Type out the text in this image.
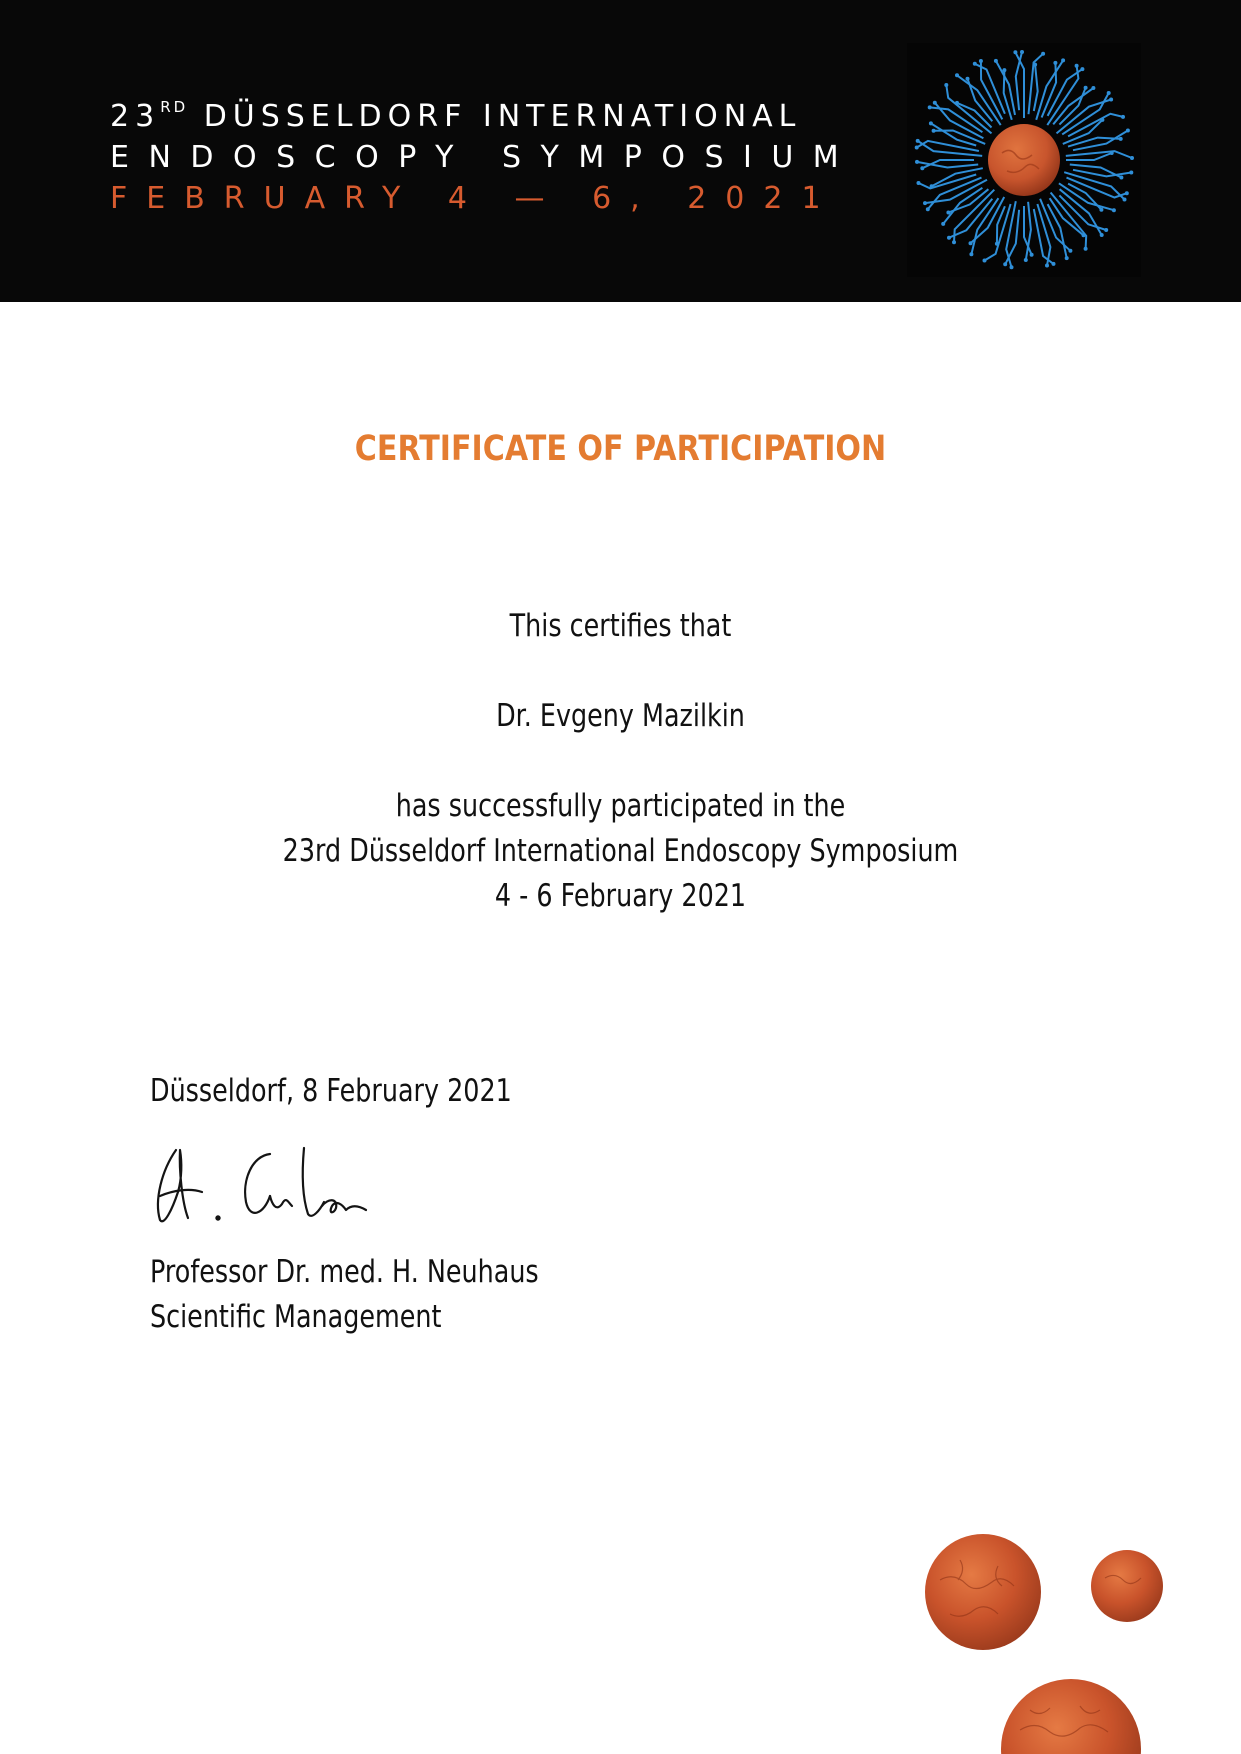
23RD DÜSSELDORF INTERNATIONAL
ENDOSCOPY SYMPOSIUM
FEBRUARY 4 — 6, 2021
CERTIFICATE OF PARTICIPATION
This certifies that
Dr. Evgeny Mazilkin
has successfully participated in the
23rd Düsseldorf International Endoscopy Symposium
4 - 6 February 2021
Düsseldorf, 8 February 2021
Professor Dr. med. H. Neuhaus
Scientific Management
